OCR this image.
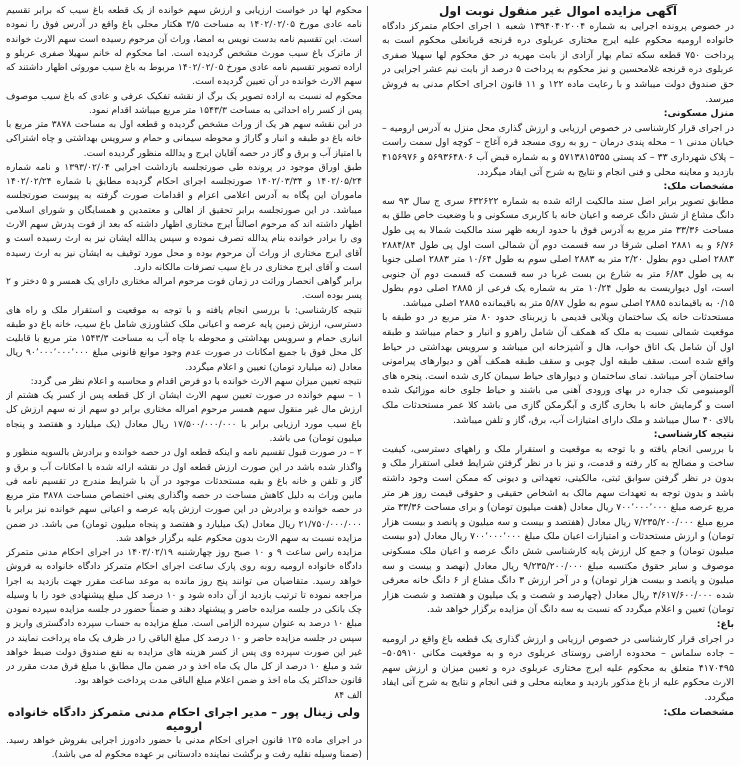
آگهی مزایده اموال غیر منقول نوبت اول

در خصوص پرونده اجرایی به شماره ۱۳۹۴۰۴۰۲۰۰۴ شعبه ۱ اجرای احکام متمرکز دادگاه خانواده ارومیه محکوم علیه ایرج مختاری عربلوی دره قرنجه قربانعلی محکوم است به پرداخت ۷۵۰ قطعه سکه تمام بهار آزادی از بابت مهریه در حق محکوم لها سهیلا صفری عربلوی دره قرنجه غلامحسین و نیز محکوم به پرداخت ۵ درصد از بابت نیم عشر اجرایی در حق صندوق دولت میباشد و با رعایت ماده ۱۲۲ و ۱۱ قانون اجرای احکام مدنی به فروش میرسد.

منزل مسکونی:

در اجرای قرار کارشناسی در خصوص ارزیابی و ارزش گذاری محل منزل به آدرس ارومیه – خیابان مدنی ۱ – محله پندی درمان – رو به روی مسجد قره آغاج – کوچه اول سمت راست – پلاک شهرداری ۳۳ – کد پستی ۵۷۱۳۸۱۵۳۵۵ و به شماره قبض آب ۵۶۹۳۶۴۸۰۶ و ۴۱۵۶۹۷۶ بازدید و معاینه محلی و فنی انجام و نتایج به شرح آتی ایفاد میگردد.

مشخصات ملک:

مطابق تصویر برابر اصل سند مالکیت ارائه شده به شماره ۶۳۲۶۲۲ سری ج سال ۹۳ سه دانگ مشاع از شش دانگ عرصه و اعیان خانه با کاربری مسکونی و با وضعیت خاص طلق به مساحت ۳۳/۳۶ متر مربع به آدرس فوق با حدود اربعه ظهر سند مالکیت شمالا به پی طول ۶/۷۶ و به ۲۸۸۱ اصلی شرقا در سه قسمت دوم آن شمالی است اول پی طول ۲۸۸۴/۸۴ ۲۸۸۳ اصلی دوم بطول ۲/۲۰ متر به ۲۸۸۳ اصلی سوم به طول ۱۰/۶۴ متر ۲۸۸۳ اصلی جنوبا به پی طول ۶/۸۳ متر به شارع بن بست غربا در سه قسمت که قسمت دوم آن جنوبی است، اول دیواریست به طول ۱۰/۲۴ متر به شماره یک فرعی از ۲۸۸۵ اصلی دوم بطول ۰/۱۵ به باقیمانده ۲۸۸۵ اصلی سوم به طول ۵/۸۷ متر به باقیمانده ۲۸۸۵ اصلی میباشد.

مستحدثات خانه یک ساختمان ویلایی قدیمی با زیربنای حدود ۸۰ متر مربع در دو طبقه با موقعیت شمالی نسبت به ملک که همکف آن شامل راهرو و انبار و حمام میباشد و طبقه اول آن شامل یک اتاق خواب، هال و آشپزخانه این میباشد و سرویس بهداشتی در حیاط واقع شده است. سقف طبقه اول چوبی و سقف طبقه همکف آهن و دیوارهای پیرامونی ساختمان آجر میباشد. نمای ساختمان و دیوارهای حیاط سیمان کاری شده است. پنجره های آلومینیومی تک جداره در بهای ورودی آهنی می باشند و حیاط جلوی خانه موزائیک شده است و گرمایش خانه با بخاری گازی و آبگرمکن گازی می باشد کلا عمر مستحدثات ملک بالای ۴۰ سال میباشد و ملک دارای امتیازات آب، برق، گاز و تلفن میباشد.

نتیجه کارشناسی:

با بررسی انجام یافته و با توجه به موقعیت و استقرار ملک و راههای دسترسی، کیفیت ساخت و مصالح به کار رفته و قدمت، و نیز با در نظر گرفتن شرایط فعلی استقرار ملک و بدون در نظر گرفتن سوابق ثبتی، مالکیتی، تعهداتی و دیونی که ممکن است وجود داشته باشد و بدون توجه به تعهدات سهم مالک به اشخاص حقیقی و حقوقی قیمت روز هر متر مربع عرصه مبلغ ۷۰۰٬۰۰۰٬۰۰۰ ریال معادل (هفت میلیون تومان) و برای مساحت ۳۳/۳۶ متر مربع مبلغ ۷/۲۳۵/۲۰۰/۰۰۰ ریال معادل (هفتصد و بیست و سه میلیون و پانصد و بیست هزار تومان) و ارزش مستحدثات و امتیازات اعیان ملک مبلغ ۷۰۰٬۰۰۰٬۰۰۰ ریال معادل (دو بیست میلیون تومان) و جمع کل ارزش پایه کارشناسی شش دانگ عرصه و اعیان ملک مسکونی موصوف و سایر حقوق مکتسبه مبلغ ۹/۲۳۵/۲۰۰/۰۰۰ ریال معادل (نهصد و بیست و سه میلیون و پانصد و بیست هزار تومان) و در آخر ارزش ۳ دانگ مشاع از ۶ دانگ خانه معرفی شده ۴/۶۱۷/۶۰۰/۰۰۰ ریال معادل (چهارصد و شصت و یک میلیون و هفتصد و شصت هزار تومان) تعیین و اعلام میگردد که نسبت به سه دانگ آن مزایده برگزار خواهد شد.

باغ:

در اجرای قرار کارشناسی در خصوص ارزیابی و ارزش گذاری یک قطعه باغ واقع در ارومیه – جاده سلماس – محدوده اراضی روستای عربلوی دره و به موقعیت مکانی ۵۰۵۹۱۰–۴۱۷۰۴۹۵ متعلق به محکوم علیه ایرج مختاری عربلوی دره و تعیین میزان و ارزش سهم الارث محکوم علیه از باغ مذکور بازدید و معاینه محلی و فنی انجام و نتایج به شرح آتی ایفاد میگردد.

مشخصات ملک:

محکوم لها در خواست ارزیابی و ارزش سهم خوانده از یک قطعه باغ سیب که برابر تقسیم نامه عادی مورخ ۱۴۰۲/۰۲/۰۵ به مساحت ۳/۵ هکتار محلی باغ واقع در آدرس فوق را نموده است. این تقسیم نامه بدست نویس به امضا، وراث آن مرحوم رسیده است سهم الارث خوانده از ماترک باغ سیب مورث مشخص گردیده است. اما محکوم له خانم سهیلا صفری عربلو و اراده تصویر تقسیم نامه عادی مورخ ۱۴۰۲/۰۲/۰۵ مربوط به باغ سیب موروثی اظهار داشتند که سهم الارث خوانده در آن تعیین گردیده است.

محکوم له نسبت به اراده تصویر یک برگ از نقشه تفکیک عرفی و عادی که باغ سیب موصوف پس از کسر راه احداثی به مساحت ۱۵۴۳/۳ متر مربع میباشد اقدام نمود.

در این نقشه سهم هر یک از وراث مشخص گردیده و قطعه اول به مساحت ۳۸۷۸ متر مربع با خانه باغ دو طبقه و انبار و گاراژ و محوطه سیمانی و حمام و سرویس بهداشتی و چاه اشتراکی با امتیاز آب و برق و گاز در حصه آقایان ایرج و یدالله منظور گردیده است.

طبق اوراق موجود در پرونده طی صورتجلسه بازداشت اجرایی ۱۳۹۳/۰۲/۰۴ و نامه شماره ۱۴۰۲/۰۵/۲۴ و ۱۴۰۲/۰۳/۳۴ صورتجلسه اجرای احکام گردیده مطابق با شماره ۱۴۰۲/۰۲/۲۴ ماموران این پگاه به آدرس اعلامی اعزام و اقدامات صورت گرفته به پیوست صورتجلسه میباشد. در این صورتجلسه برابر تحقیق از اهالی و معتمدین و همسایگان و شورای اسلامی اظهار داشته اند که مرحوم اصالتاً ایرج مختاری اظهار داشته که بعد از فوت پدرش سهم الارث وی را برادر خوانده بنام یدالله تصرف نموده و سپس یدالله ایشان نیز به ارث رسیده است و آقای ایرج مختاری از وراث آن مرحوم بوده و محل مورد توقیف به ایشان نیز به ارث رسیده است و آقای ایرج مختاری در باغ سیب تصرفات مالکانه دارد.

برابر گواهی انحصار وراثت در زمان فوت مرحوم امراله مختاری دارای یک همسر و ۵ دختر و ۲ پسر بوده است.

نتیجه کارشناسی: با بررسی انجام یافته و با توجه به موقعیت و استقرار ملک و راه های دسترسی، ارزش زمین پایه عرصه و اعیانی ملک کشاورزی شامل باغ سیب، خانه باغ دو طبقه انباری حمام و سرویس بهداشتی و محوطه با چاه آب به مساحت ۱۵۴۳/۳ متر مربع با قابلیت کل محل فوق با جمیع امکانات در صورت عدم وجود موانع قانونی مبلغ ۹۰٬۰۰۰٬۰۰۰٬۰۰۰ ریال معادل (نه میلیارد تومان) تعیین و اعلام میگردد.

نتیجه تعیین میزان سهم الارث خوانده با دو فرض اقدام و محاسبه و اعلام نظر می گردد:

۱ – سهم خوانده در صورت تعیین سهم الارث ایشان از کل قطعه پس از کسر یک هشتم از ارزش مال غیر منقول سهم همسر مرحوم امراله مختاری برابر دو سهم از نه سهم ارزش کل باغ سیب مورد ارزیابی برابر با ۱۷/۵۰۰/۰۰۰/۰۰۰ ریال معادل (یک میلیارد و هفتصد و پنجاه میلیون تومان) می باشد.

۲ – در صورت قبول تقسیم نامه و اینکه قطعه اول در حصه خوانده و برادرش بالسویه منظور و واگذار شده باشد در این صورت ارزش قطعه اول در نقشه ارائه شده با امکانات آب و برق و گاز و تلفن و خانه باغ و بقیه مستحدثات موجود در آن با شرایط مندرج در تقسیم نامه فی مابین وراث به دلیل کاهش مساحت در حصه واگذاری یعنی اختصاص مساحت ۳۸۷۸ متر مربع در حصه خوانده و برادرش در این صورت ارزش پایه عرصه و اعیانی سهم خوانده نیز برابر با ۲۱/۷۵۰/۰۰۰/۰۰۰ ریال معادل (یک میلیارد و هفتصد و پنجاه میلیون تومان) می باشد. در ضمن مزایده نسبت به سهم الارث بدون محکوم علیه برگزار خواهد شد.

مزایده راس ساعت ۹ و ۱۰ صبح روز چهارشنبه ۱۴۰۳/۰۲/۱۹ در اجرای احکام مدنی متمرکز دادگاه خانواده ارومیه روبه روی پارک ساعت اجرای احکام متمرکز دادگاه خانواده به فروش خواهد رسید. متقاضیان می توانند پنج روز مانده به موعد ساعت مقرر جهت بازدید به اجرا مراجعه نموده تا ترتیب بازدید از آن داده شود و ۱۰ درصد کل مبلغ پیشنهادی خود را با وسیله چک بانکی در جلسه مزایده حاضر و پیشنهاد دهند و ضمناً حضور در جلسه مزایده سپرده نمودن مبلغ ۱۰ درصد به عنوان سپرده الزامی است. مبلغ مزایده به حساب سپرده دادگستری واریز و سپس در جلسه مزایده حاضر و ۱۰ درصد کل مبلغ الباقی را در ظرف یک ماه پرداخت نمایند در غیر این صورت سپرده وی پس از کسر هزینه های مزایده به نفع صندوق دولت ضبط خواهد شد و مبلغ ۱۰ درصد از کل مال یک ماه اخذ و در ضمن مال مطابق با مبلغ فرق مدت مقرر در قانون حداکثر یک ماه اخذ و ضمن اعلام مبلغ الباقی مدت پرداخت خواهد بود.

الف ۸۴

ولی زینال پور – مدیر اجرای احکام مدنی متمرکز دادگاه خانواده ارومیه

در اجرای ماده ۱۲۵ قانون اجرای احکام مدنی با حضور دادورز اجرایی بفروش خواهد رسید. (ضمنا وسیله نقلیه رفت و برگشت نماینده دادستانی بر عهده محکوم له می باشد).
